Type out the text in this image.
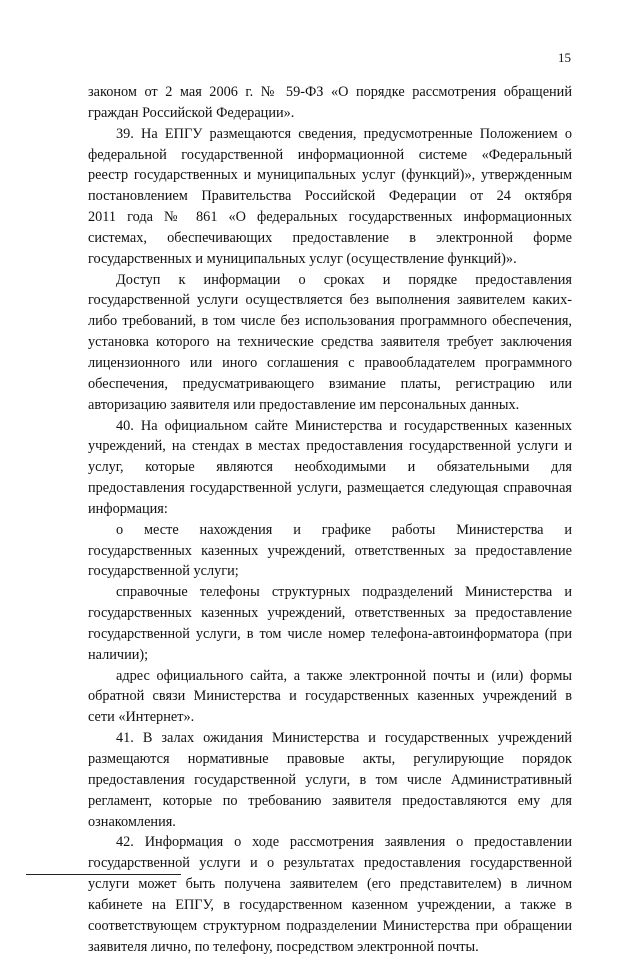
15
законом от 2 мая 2006 г. № 59-ФЗ «О порядке рассмотрения обращений
граждан Российской Федерации».
39. На ЕПГУ размещаются сведения, предусмотренные Положением о
федеральной государственной информационной системе «Федеральный
реестр государственных и муниципальных услуг (функций)», утвержденным
постановлением Правительства Российской Федерации от 24 октября
2011 года № 861 «О федеральных государственных информационных
системах, обеспечивающих предоставление в электронной форме
государственных и муниципальных услуг (осуществление функций)».
Доступ к информации о сроках и порядке предоставления
государственной услуги осуществляется без выполнения заявителем каких-
либо требований, в том числе без использования программного обеспечения,
установка которого на технические средства заявителя требует заключения
лицензионного или иного соглашения с правообладателем программного
обеспечения, предусматривающего взимание платы, регистрацию или
авторизацию заявителя или предоставление им персональных данных.
40. На официальном сайте Министерства и государственных казенных
учреждений, на стендах в местах предоставления государственной услуги и
услуг, которые являются необходимыми и обязательными для
предоставления государственной услуги, размещается следующая справочная
информация:
о месте нахождения и графике работы Министерства и
государственных казенных учреждений, ответственных за предоставление
государственной услуги;
справочные телефоны структурных подразделений Министерства и
государственных казенных учреждений, ответственных за предоставление
государственной услуги, в том числе номер телефона-автоинформатора (при
наличии);
адрес официального сайта, а также электронной почты и (или) формы
обратной связи Министерства и государственных казенных учреждений в
сети «Интернет».
41. В залах ожидания Министерства и государственных учреждений
размещаются нормативные правовые акты, регулирующие порядок
предоставления государственной услуги, в том числе Административный
регламент, которые по требованию заявителя предоставляются ему для
ознакомления.
42. Информация о ходе рассмотрения заявления о предоставлении
государственной услуги и о результатах предоставления государственной
услуги может быть получена заявителем (его представителем) в личном
кабинете на ЕПГУ, в государственном казенном учреждении, а также в
соответствующем структурном подразделении Министерства при обращении
заявителя лично, по телефону, посредством электронной почты.
